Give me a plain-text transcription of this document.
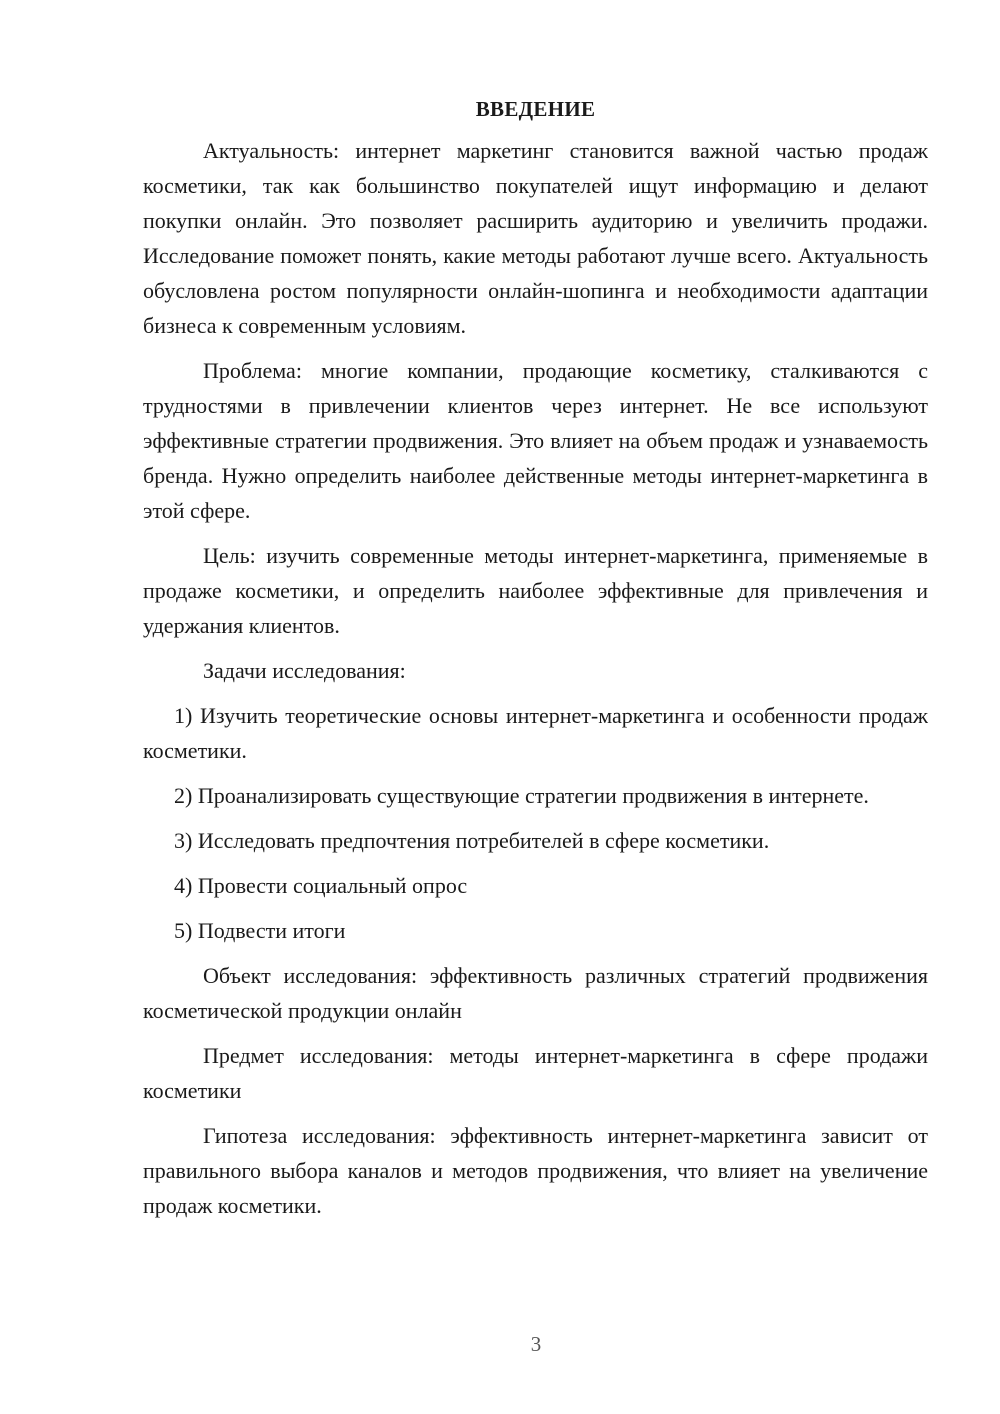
ВВЕДЕНИЕ

Актуальность: интернет маркетинг становится важной частью продаж косметики, так как большинство покупателей ищут информацию и делают покупки онлайн. Это позволяет расширить аудиторию и увеличить продажи. Исследование поможет понять, какие методы работают лучше всего. Актуальность обусловлена ростом популярности онлайн-шопинга и необходимости адаптации бизнеса к современным условиям.

Проблема: многие компании, продающие косметику, сталкиваются с трудностями в привлечении клиентов через интернет. Не все используют эффективные стратегии продвижения. Это влияет на объем продаж и узнаваемость бренда. Нужно определить наиболее действенные методы интернет-маркетинга в этой сфере.

Цель: изучить современные методы интернет-маркетинга, применяемые в продаже косметики, и определить наиболее эффективные для привлечения и удержания клиентов.

Задачи исследования:

1) Изучить теоретические основы интернет-маркетинга и особенности продаж косметики.

2) Проанализировать существующие стратегии продвижения в интернете.

3) Исследовать предпочтения потребителей в сфере косметики.

4) Провести социальный опрос

5) Подвести итоги

Объект исследования: эффективность различных стратегий продвижения косметической продукции онлайн

Предмет исследования: методы интернет-маркетинга в сфере продажи косметики

Гипотеза исследования: эффективность интернет-маркетинга зависит от правильного выбора каналов и методов продвижения, что влияет на увеличение продаж косметики.

3
